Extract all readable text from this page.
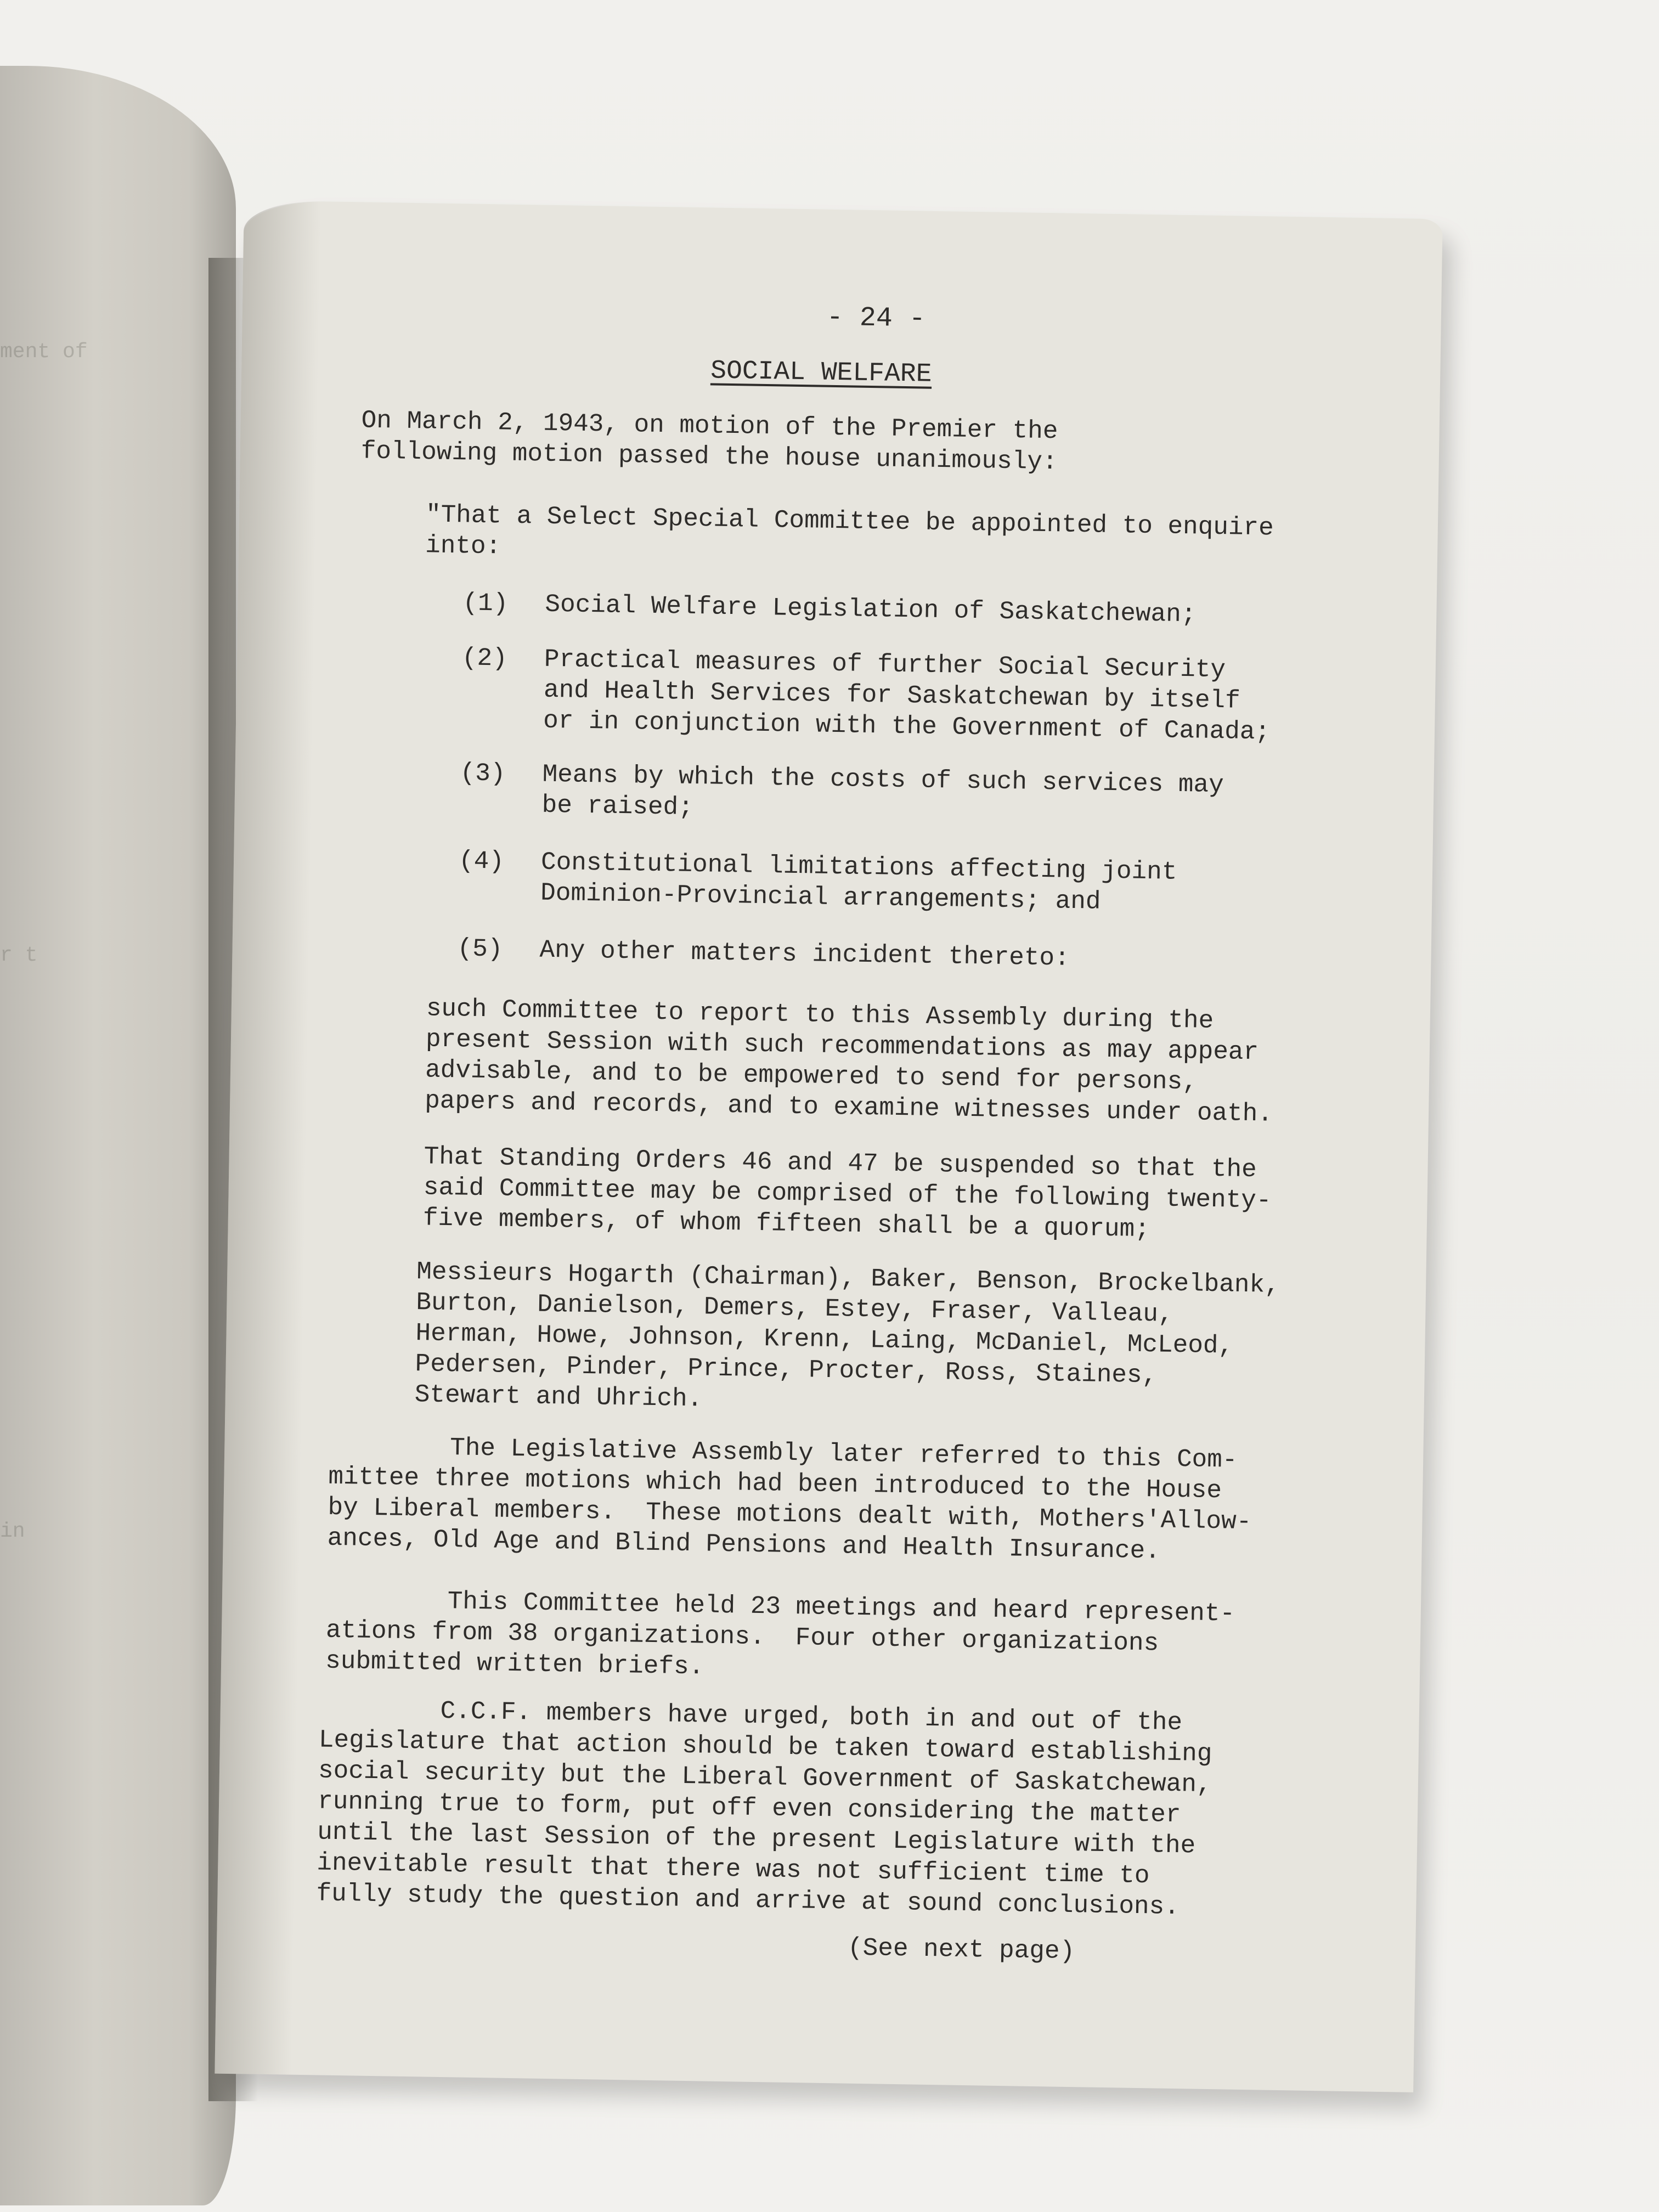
ment of
r t
in
- 24 -
SOCIAL WELFARE
On March 2, 1943, on motion of the Premier the
following motion passed the house unanimously:
"That a Select Special Committee be appointed to enquire
into:
(1) Social Welfare Legislation of Saskatchewan;
(2) Practical measures of further Social Security
and Health Services for Saskatchewan by itself
or in conjunction with the Government of Canada;
(3) Means by which the costs of such services may
be raised;
(4) Constitutional limitations affecting joint
Dominion-Provincial arrangements; and
(5) Any other matters incident thereto:
such Committee to report to this Assembly during the
present Session with such recommendations as may appear
advisable, and to be empowered to send for persons,
papers and records, and to examine witnesses under oath.
That Standing Orders 46 and 47 be suspended so that the
said Committee may be comprised of the following twenty-
five members, of whom fifteen shall be a quorum;
Messieurs Hogarth (Chairman), Baker, Benson, Brockelbank,
Burton, Danielson, Demers, Estey, Fraser, Valleau,
Herman, Howe, Johnson, Krenn, Laing, McDaniel, McLeod,
Pedersen, Pinder, Prince, Procter, Ross, Staines,
Stewart and Uhrich.
The Legislative Assembly later referred to this Com-
mittee three motions which had been introduced to the House
by Liberal members.  These motions dealt with, Mothers'Allow-
ances, Old Age and Blind Pensions and Health Insurance.
This Committee held 23 meetings and heard represent-
ations from 38 organizations.  Four other organizations
submitted written briefs.
C.C.F. members have urged, both in and out of the
Legislature that action should be taken toward establishing
social security but the Liberal Government of Saskatchewan,
running true to form, put off even considering the matter
until the last Session of the present Legislature with the
inevitable result that there was not sufficient time to
fully study the question and arrive at sound conclusions.
(See next page)
